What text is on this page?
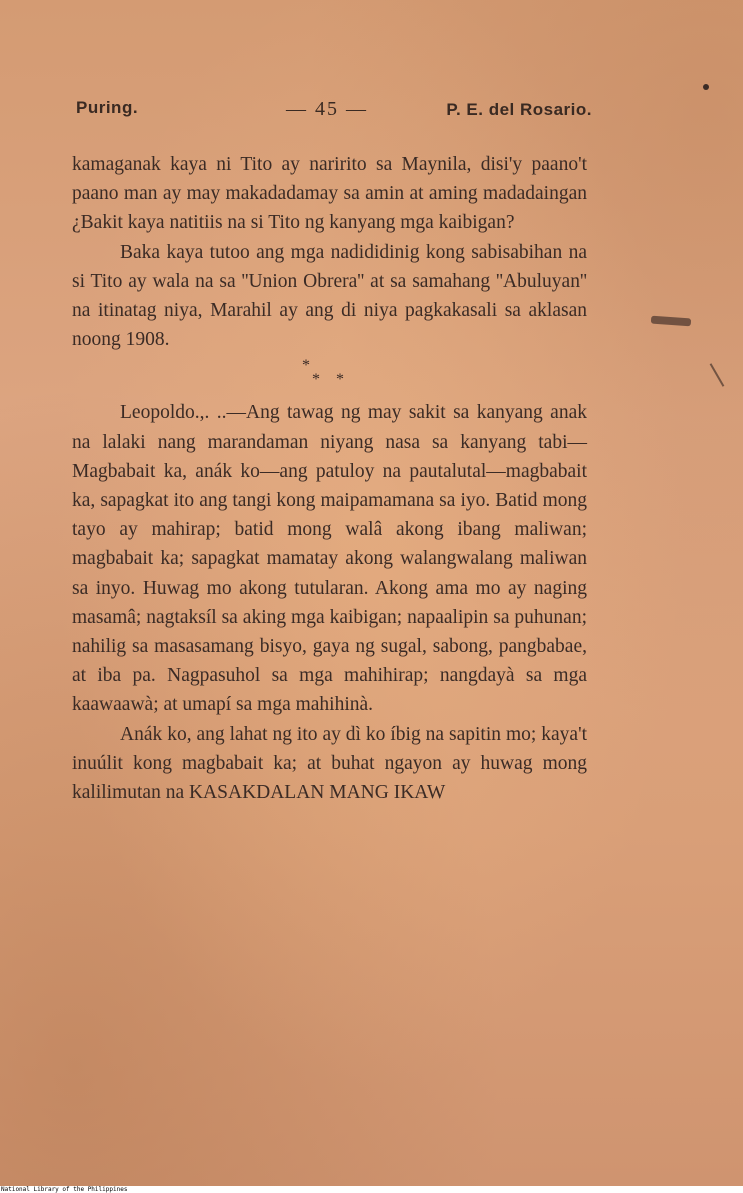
Puring.	— 45 —	P. E. del Rosario.

kamaganak kaya ni Tito ay naririto sa Maynila, disi'y paano't paano man ay may makadadamay sa amin at aming madadaingan ¿Bakit kaya natitiis na si Tito ng kanyang mga kaibigan?

Baka kaya tutoo ang mga nadididinig kong sabisabihan na si Tito ay wala na sa ''Union Obrera'' at sa samahang ''Abuluyan'' na itinatag niya, Marahil ay ang di niya pagkakasali sa aklasan noong 1908.

*
* *

Leopoldo.,. ..—Ang tawag ng may sakit sa kanyang anak na lalaki nang marandaman niyang nasa sa kanyang tabi—Magbabait ka, anák ko—ang patuloy na pautalutal—magbabait ka, sapagkat ito ang tangi kong maipamamana sa iyo. Batid mong tayo ay mahirap; batid mong walâ akong ibang maliwan; magbabait ka; sapagkat mamatay akong walangwalang maliwan sa inyo. Huwag mo akong tutularan. Akong ama mo ay naging masamâ; nagtaksíl sa aking mga kaibigan; napaalipin sa puhunan; nahilig sa masasamang bisyo, gaya ng sugal, sabong, pangbabae, at iba pa. Nagpasuhol sa mga mahihirap; nangdayà sa mga kaawaawà; at umapí sa mga mahihinà.

Anák ko, ang lahat ng ito ay dì ko íbig na sapitin mo; kaya't inuúlit kong magbabait ka; at buhat ngayon ay huwag mong kalilimutan na KASAKDALAN MANG IKAW

National Library of the Philippines
